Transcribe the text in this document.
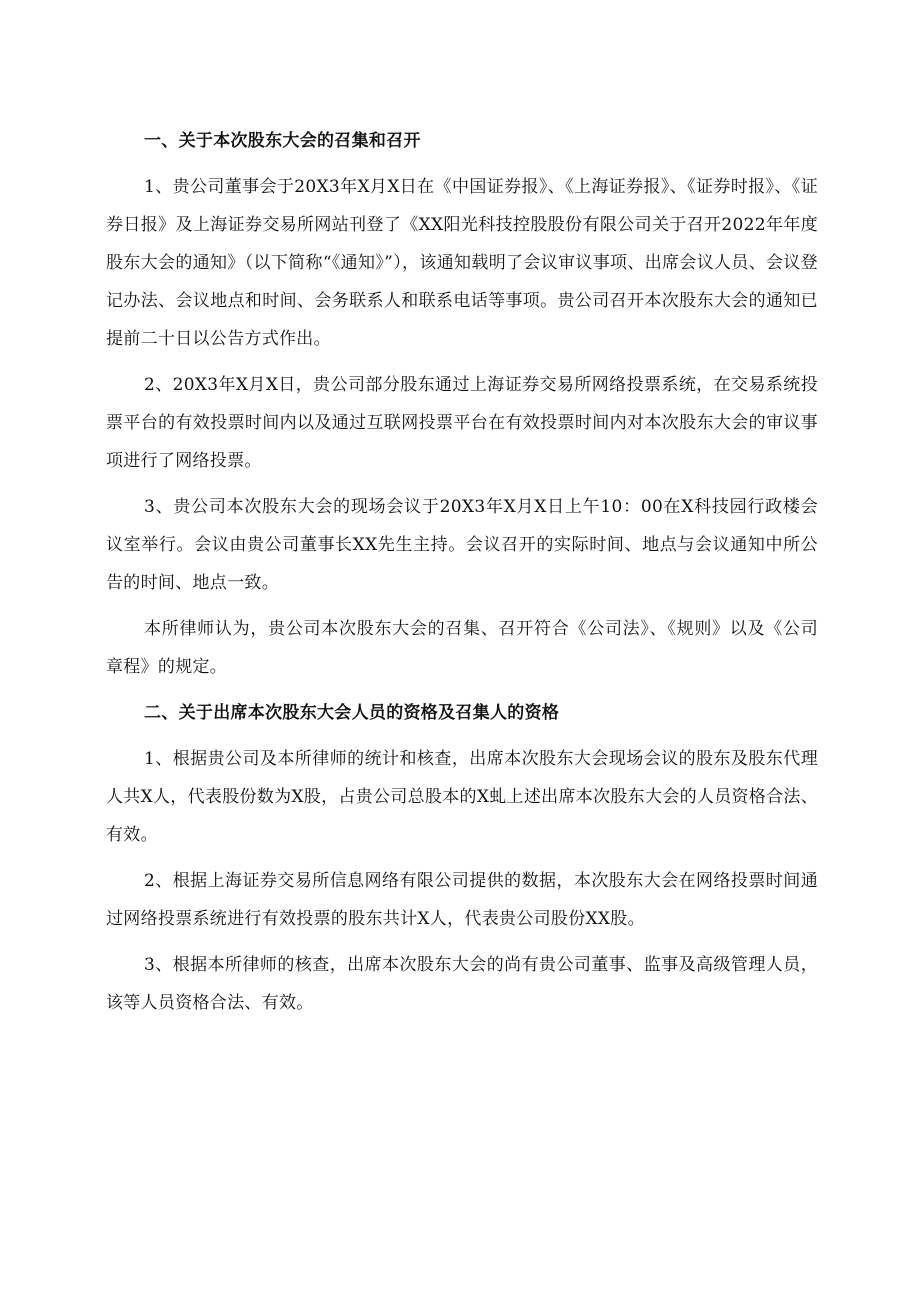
一、关于本次股东大会的召集和召开

1、贵公司董事会于20X3年X月X日在《中国证券报》、《上海证券报》、《证券时报》、《证券日报》及上海证券交易所网站刊登了《XX阳光科技控股股份有限公司关于召开2022年年度股东大会的通知》（以下简称“《通知》”），该通知载明了会议审议事项、出席会议人员、会议登记办法、会议地点和时间、会务联系人和联系电话等事项。贵公司召开本次股东大会的通知已提前二十日以公告方式作出。

2、20X3年X月X日，贵公司部分股东通过上海证券交易所网络投票系统，在交易系统投票平台的有效投票时间内以及通过互联网投票平台在有效投票时间内对本次股东大会的审议事项进行了网络投票。

3、贵公司本次股东大会的现场会议于20X3年X月X日上午10：00在X科技园行政楼会议室举行。会议由贵公司董事长XX先生主持。会议召开的实际时间、地点与会议通知中所公告的时间、地点一致。

本所律师认为，贵公司本次股东大会的召集、召开符合《公司法》、《规则》以及《公司章程》的规定。

二、关于出席本次股东大会人员的资格及召集人的资格

1、根据贵公司及本所律师的统计和核查，出席本次股东大会现场会议的股东及股东代理人共X人，代表股份数为X股，占贵公司总股本的X虬上述出席本次股东大会的人员资格合法、有效。

2、根据上海证券交易所信息网络有限公司提供的数据，本次股东大会在网络投票时间通过网络投票系统进行有效投票的股东共计X人，代表贵公司股份XX股。

3、根据本所律师的核查，出席本次股东大会的尚有贵公司董事、监事及高级管理人员，该等人员资格合法、有效。
